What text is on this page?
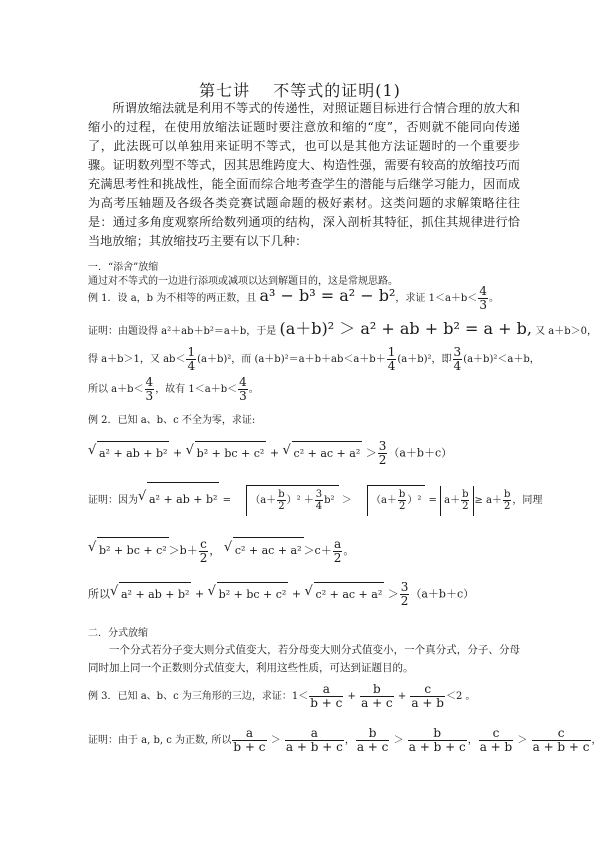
第七讲　 不等式的证明(1)
所谓放缩法就是利用不等式的传递性，对照证题目标进行合情合理的放大和缩小的过程，在使用放缩法证题时要注意放和缩的“度”，否则就不能同向传递了，此法既可以单独用来证明不等式，也可以是其他方法证题时的一个重要步骤。证明数列型不等式，因其思维跨度大、构造性强，需要有较高的放缩技巧而充满思考性和挑战性，能全面而综合地考查学生的潜能与后继学习能力，因而成为高考压轴题及各级各类竞赛试题命题的极好素材。这类问题的求解策略往往是：通过多角度观察所给数列通项的结构，深入剖析其特征，抓住其规律进行恰当地放缩；其放缩技巧主要有以下几种：
一．“添舍”放缩
通过对不等式的一边进行添项或减项以达到解题目的，这是常规思路。
例 1．设 a，b 为不相等的两正数，且 a³ − b³ = a² − b²，求证 $1<a+b< \frac{4}{3}$ 。
证明：由题设得 a²＋ab＋b²＝a＋b，于是 (a＋b)² ＞ a² + ab + b² = a + b, 又 a＋b＞0，
得 a＋b＞1，又 $ab< \frac{1}{4} (a+b)^2$，而 $(a+b)^2=a+b+ab<a+b+ \frac{1}{4} (a+b)^2$，即 $\frac{3}{4} (a+b)^2<a+b$，
所以 $a+b< \frac{4}{3}$ ，故有 $1<a+b< \frac{4}{3}$ 。
例 2．已知 a、b、c 不全为零，求证:
√ a² + ab + b² + √ b² + bc + c² + √ c² + ac + $a^2 > \frac{3}{2} (a+b+c)$
证明：因为 √ a² + ab + $b^2 = (a+ \frac{b}{2} )^2 + \frac{3}{4} b^2 > (a+ \frac{b}{2} )^2 = a+ \frac{b}{2} \ge a+ \frac{b}{2}$ ，同理
√ b² + bc + $c^2 >b+ \frac{c}{2}$ ， √ c² + ac + $a^2 >c+ \frac{a}{2}$ 。
所以 √ a² + ab + b² + √ b² + bc + c² + √ c² + ac + $a^2 > \frac{3}{2} (a+b+c)$
二．分式放缩
一个分式若分子变大则分式值变大，若分母变大则分式值变小，一个真分式，分子、分母同时加上同一个正数则分式值变大，利用这些性质，可达到证题目的。
例 3．已知 a、b、c 为三角形的三边，求证：$1< \frac{a}{b + c} + \frac{b}{a + c} + \frac{c}{a + b} <2$ 。
证明：由于 a, b, c 为正数, 所以 $\frac{a}{b + c} > \frac{a}{a + b + c}$ ， $\frac{b}{a + c} > \frac{b}{a + b + c}$ ， $\frac{c}{a + b} > \frac{c}{a + b + c}$ ，
